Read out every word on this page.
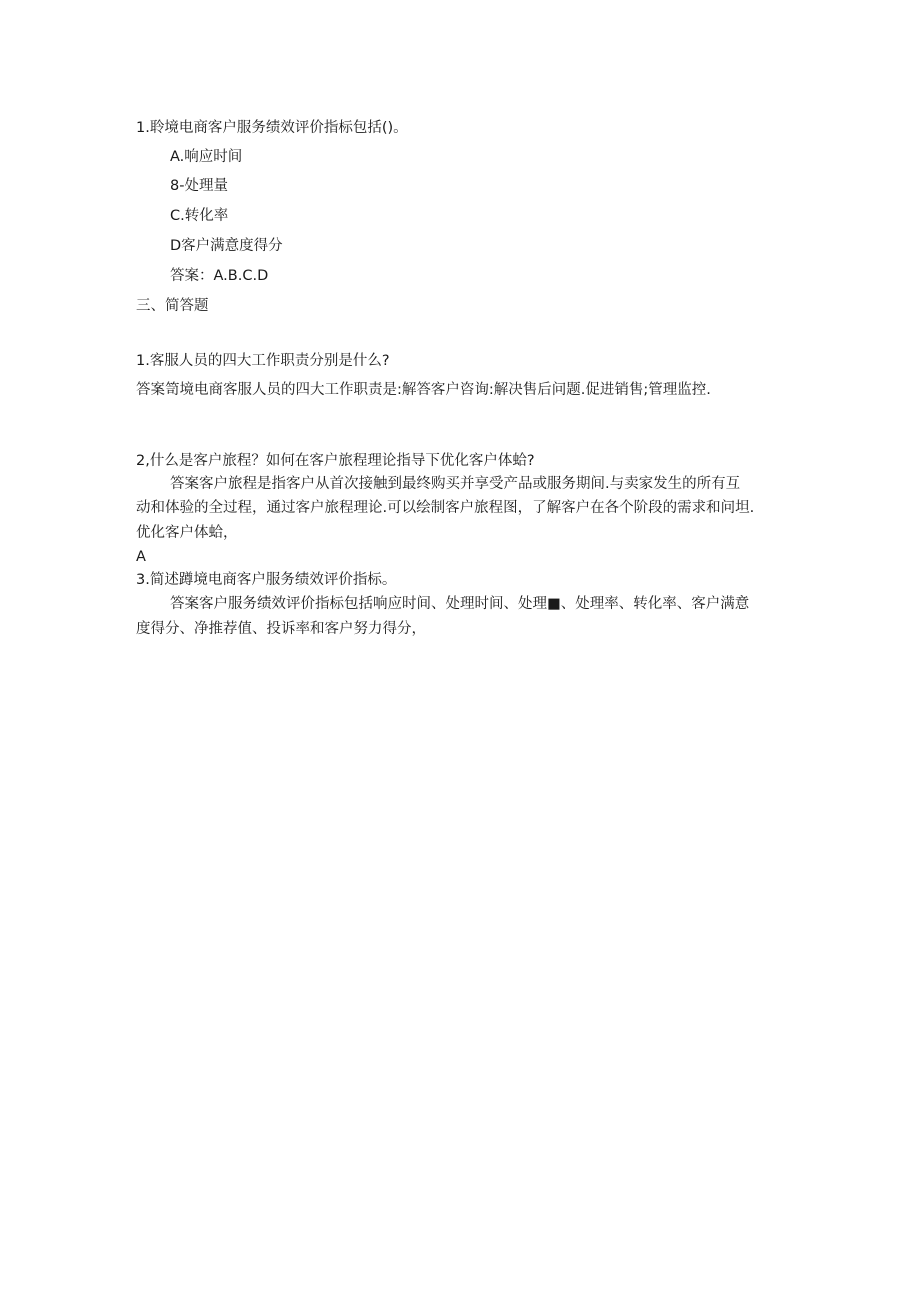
1.聆境电商客户服务绩效评价指标包括()。
A.响应时间
8-处理量
C.转化率
D客户满意度得分
答案：A.B.C.D
三、简答题
1.客服人员的四大工作职责分别是什么?
答案笥境电商客服人员的四大工作职责是:解答客户咨询:解决售后问题.促进销售;管理监控.
2,什么是客户旅程？如何在客户旅程理论指导下优化客户体蛤?
答案客户旅程是指客户从首次接触到最终购买并享受产品或服务期间.与卖家发生的所有互
动和体验的全过程，通过客户旅程理论.可以绘制客户旅程图，了解客户在各个阶段的需求和问坦.
优化客户体蛤，
A
3.简述蹲境电商客户服务绩效评价指标。
答案客户服务绩效评价指标包括响应时间、处理时间、处理■、处理率、转化率、客户满意
度得分、净推荐值、投诉率和客户努力得分，
